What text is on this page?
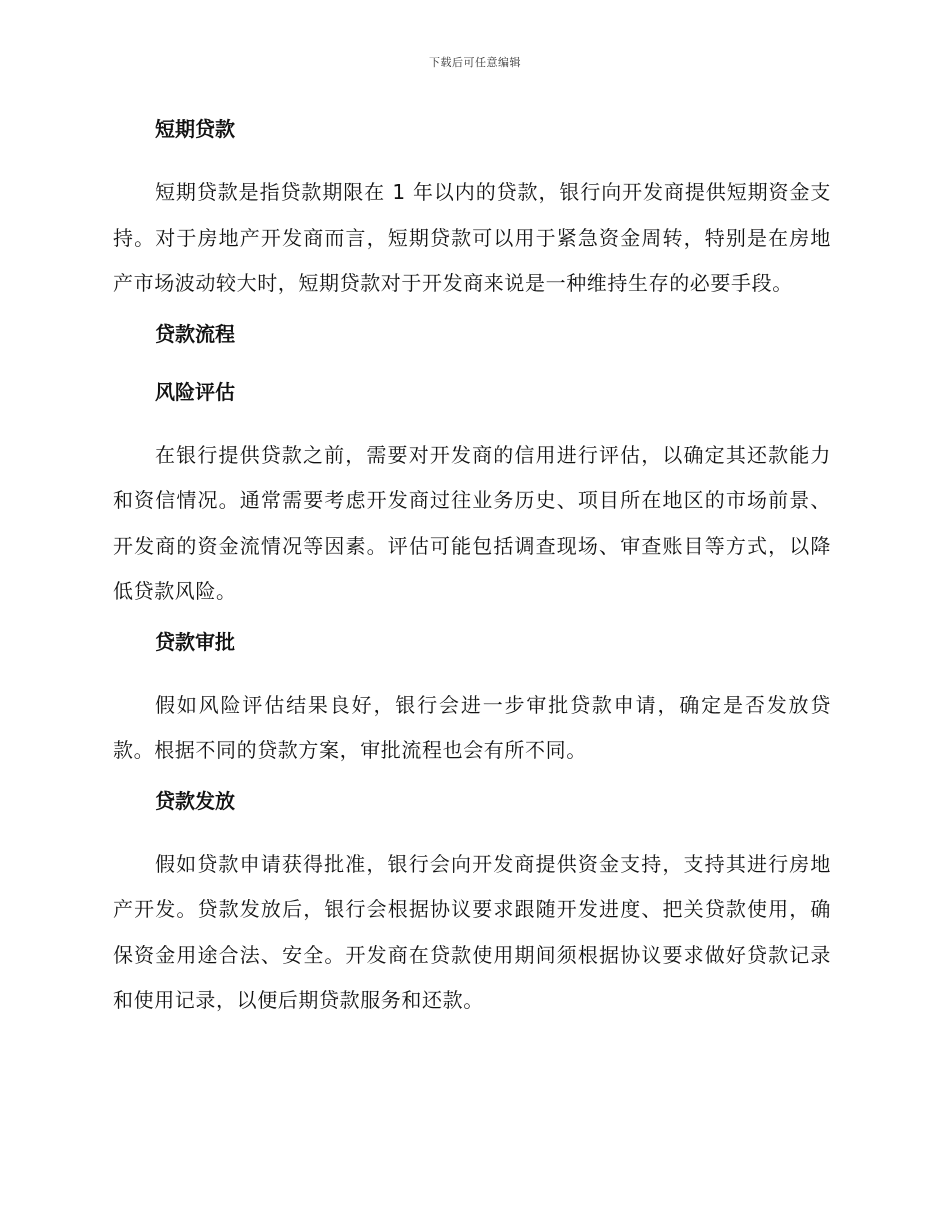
下载后可任意编辑
短期贷款

短期贷款是指贷款期限在 1 年以内的贷款，银行向开发商提供短期资金支持。对于房地产开发商而言，短期贷款可以用于紧急资金周转，特别是在房地产市场波动较大时，短期贷款对于开发商来说是一种维持生存的必要手段。

贷款流程
风险评估

在银行提供贷款之前，需要对开发商的信用进行评估，以确定其还款能力和资信情况。通常需要考虑开发商过往业务历史、项目所在地区的市场前景、开发商的资金流情况等因素。评估可能包括调查现场、审查账目等方式，以降低贷款风险。

贷款审批

假如风险评估结果良好，银行会进一步审批贷款申请，确定是否发放贷款。根据不同的贷款方案，审批流程也会有所不同。

贷款发放

假如贷款申请获得批准，银行会向开发商提供资金支持，支持其进行房地产开发。贷款发放后，银行会根据协议要求跟随开发进度、把关贷款使用，确保资金用途合法、安全。开发商在贷款使用期间须根据协议要求做好贷款记录和使用记录，以便后期贷款服务和还款。
